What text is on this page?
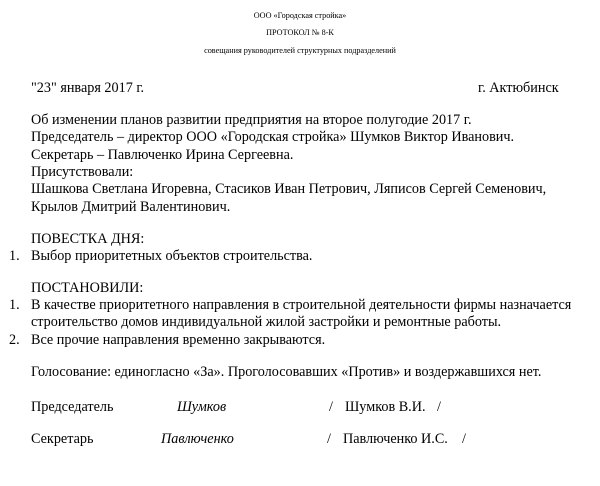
ООО «Городская стройка»
ПРОТОКОЛ № 8-К
совещания руководителей структурных подразделений
"23" января 2017 г.	г. Актюбинск
Об изменении планов развитии предприятия на второе полугодие 2017 г.
Председатель – директор ООО «Городская стройка» Шумков Виктор Иванович.
Секретарь – Павлюченко Ирина Сергеевна.
Присутствовали:
Шашкова Светлана Игоревна, Стасиков Иван Петрович, Ляписов Сергей Семенович,
Крылов Дмитрий Валентинович.
ПОВЕСТКА ДНЯ:
1. Выбор приоритетных объектов строительства.
ПОСТАНОВИЛИ:
1. В качестве приоритетного направления в строительной деятельности фирмы назначается
строительство домов индивидуальной жилой застройки и ремонтные работы.
2. Все прочие направления временно закрываются.
Голосование: единогласно «За». Проголосовавших «Против» и воздержавшихся нет.
Председатель	Шумков	/ Шумков В.И. /
Секретарь	Павлюченко	/ Павлюченко И.С. /
